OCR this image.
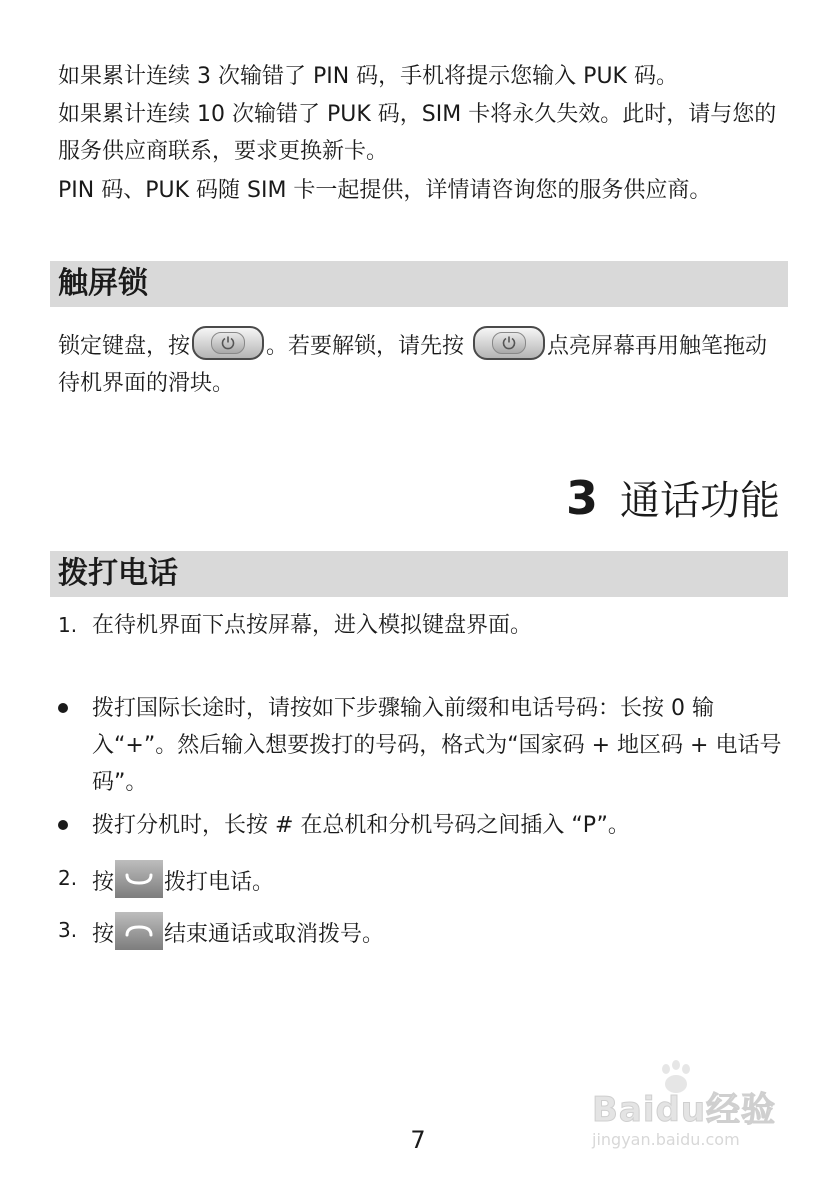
如果累计连续 3 次输错了 PIN 码，手机将提示您输入 PUK 码。

如果累计连续 10 次输错了 PUK 码，SIM 卡将永久失效。此时，请与您的服务供应商联系，要求更换新卡。

PIN 码、PUK 码随 SIM 卡一起提供，详情请咨询您的服务供应商。

触屏锁

锁定键盘，按	。若要解锁，请先按	点亮屏幕再用触笔拖动待机界面的滑块。

3 通话功能
拨打电话
1. 在待机界面下点按屏幕，进入模拟键盘界面。
拨打国际长途时，请按如下步骤输入前缀和电话号码：长按 0 输入“+”。然后输入想要拨打的号码，格式为“国家码 + 地区码 + 电话号码”。
拨打分机时，长按 # 在总机和分机号码之间插入 “P”。
2. 按 拨打电话。
3. 按 结束通话或取消拨号。
Baidu经验
jingyan.baidu.com
7
